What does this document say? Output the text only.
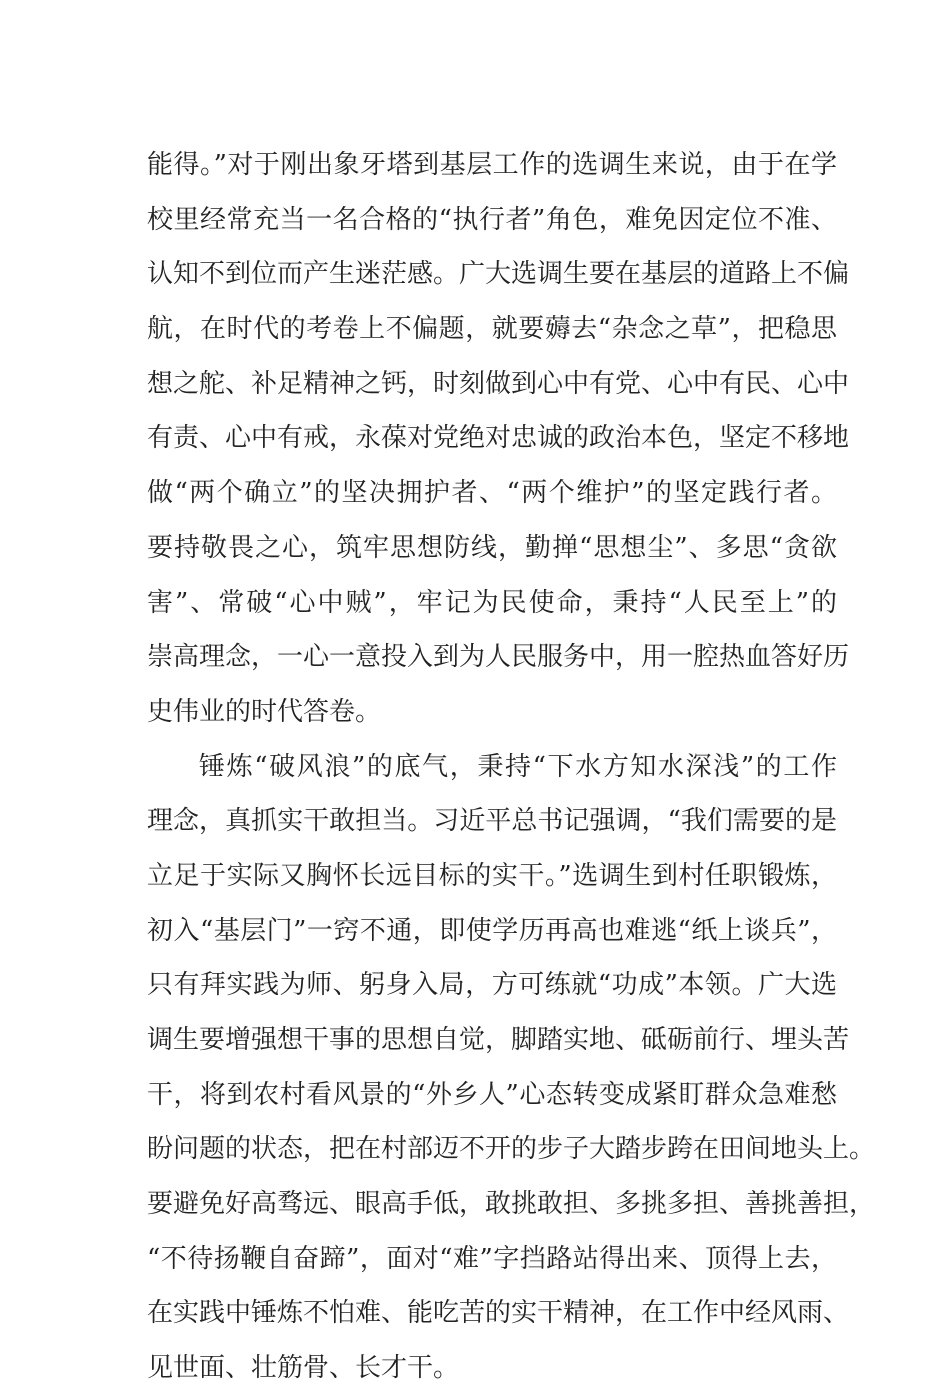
能得。”对于刚出象牙塔到基层工作的选调生来说，由于在学
校里经常充当一名合格的“执行者”角色，难免因定位不准、
认知不到位而产生迷茫感。广大选调生要在基层的道路上不偏
航，在时代的考卷上不偏题，就要薅去“杂念之草”，把稳思
想之舵、补足精神之钙，时刻做到心中有党、心中有民、心中
有责、心中有戒，永葆对党绝对忠诚的政治本色，坚定不移地
做“两个确立”的坚决拥护者、“两个维护”的坚定践行者。
要持敬畏之心，筑牢思想防线，勤掸“思想尘”、多思“贪欲
害”、常破“心中贼”，牢记为民使命，秉持“人民至上”的
崇高理念，一心一意投入到为人民服务中，用一腔热血答好历
史伟业的时代答卷。
锤炼“破风浪”的底气，秉持“下水方知水深浅”的工作
理念，真抓实干敢担当。习近平总书记强调，“我们需要的是
立足于实际又胸怀长远目标的实干。”选调生到村任职锻炼，
初入“基层门”一窍不通，即使学历再高也难逃“纸上谈兵”，
只有拜实践为师、躬身入局，方可练就“功成”本领。广大选
调生要增强想干事的思想自觉，脚踏实地、砥砺前行、埋头苦
干，将到农村看风景的“外乡人”心态转变成紧盯群众急难愁
盼问题的状态，把在村部迈不开的步子大踏步跨在田间地头上。
要避免好高骛远、眼高手低，敢挑敢担、多挑多担、善挑善担，
“不待扬鞭自奋蹄”，面对“难”字挡路站得出来、顶得上去，
在实践中锤炼不怕难、能吃苦的实干精神，在工作中经风雨、
见世面、壮筋骨、长才干。
